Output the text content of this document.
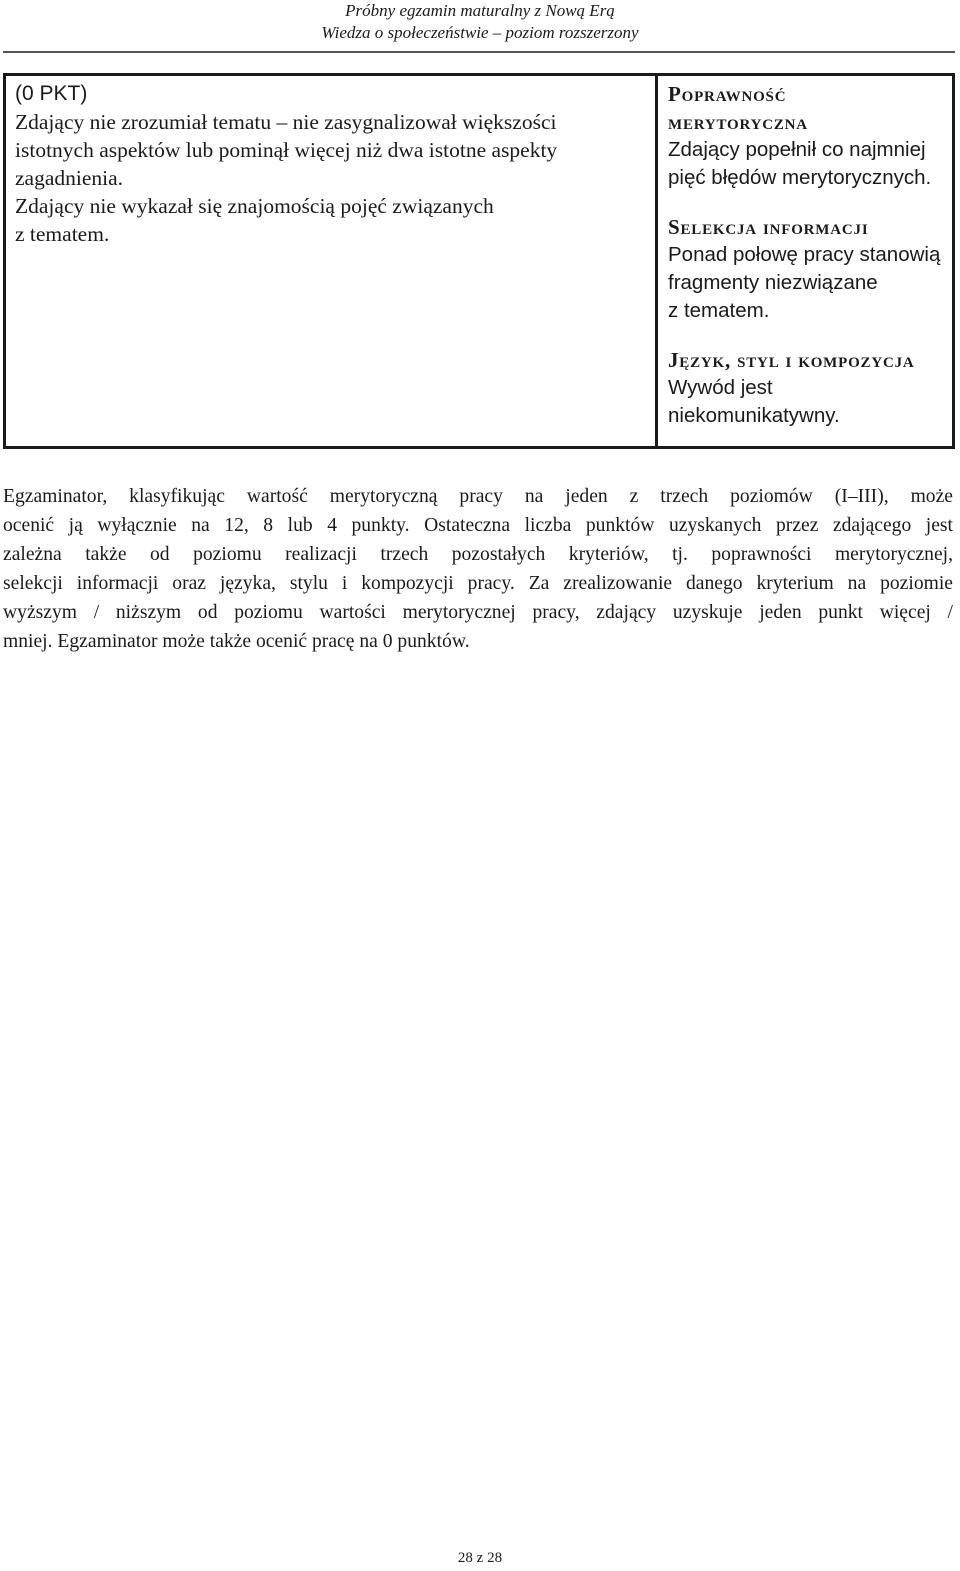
Próbny egzamin maturalny z Nową Erą
Wiedza o społeczeństwie – poziom rozszerzony
(0 PKT)
Zdający nie zrozumiał tematu – nie zasygnalizował większości
istotnych aspektów lub pominął więcej niż dwa istotne aspekty
zagadnienia.
Zdający nie wykazał się znajomością pojęć związanych
z tematem.
Poprawność
merytoryczna
Zdający popełnił co najmniej
pięć błędów merytorycznych.
Selekcja informacji
Ponad połowę pracy stanowią
fragmenty niezwiązane
z tematem.
Język, styl i kompozycja
Wywód jest
niekomunikatywny.
Egzaminator, klasyfikując wartość merytoryczną pracy na jeden z trzech poziomów (I–III), może
ocenić ją wyłącznie na 12, 8 lub 4 punkty. Ostateczna liczba punktów uzyskanych przez zdającego jest
zależna także od poziomu realizacji trzech pozostałych kryteriów, tj. poprawności merytorycznej,
selekcji informacji oraz języka, stylu i kompozycji pracy. Za zrealizowanie danego kryterium na poziomie
wyższym / niższym od poziomu wartości merytorycznej pracy, zdający uzyskuje jeden punkt więcej /
mniej. Egzaminator może także ocenić pracę na 0 punktów.
28 z 28
